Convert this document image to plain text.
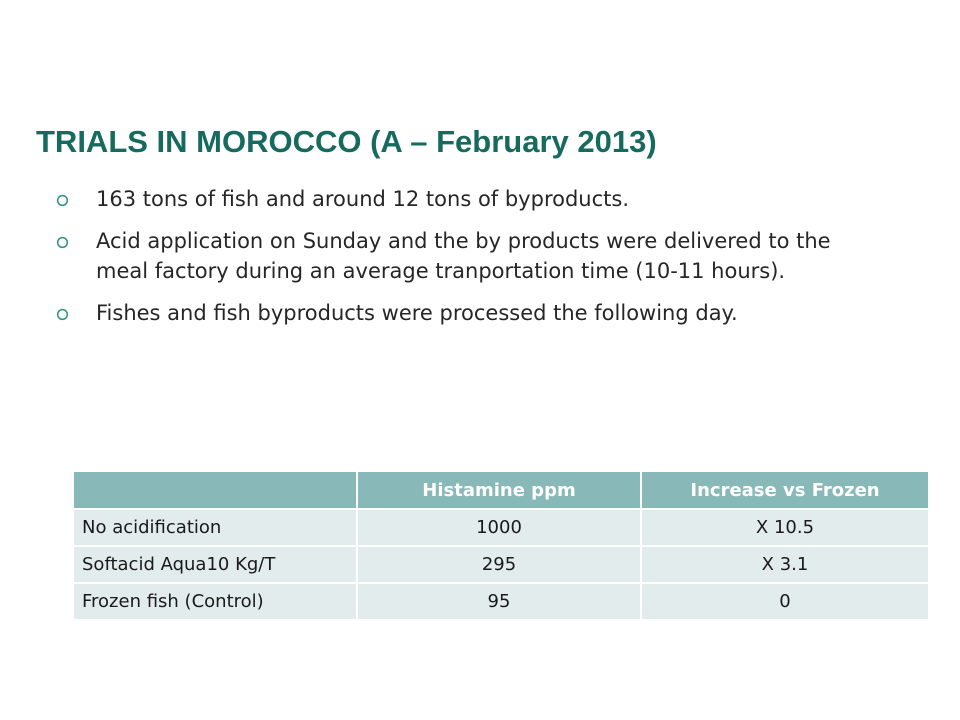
TRIALS IN MOROCCO (A – February 2013)
163 tons of fish and around 12 tons of byproducts.
Acid application on Sunday and the by products were delivered to the meal factory during an average tranportation time (10-11 hours).
Fishes and fish byproducts were processed the following day.
	Histamine ppm	Increase vs Frozen
No acidification	1000	X 10.5
Softacid Aqua10 Kg/T	295	X 3.1
Frozen fish (Control)	95	0
